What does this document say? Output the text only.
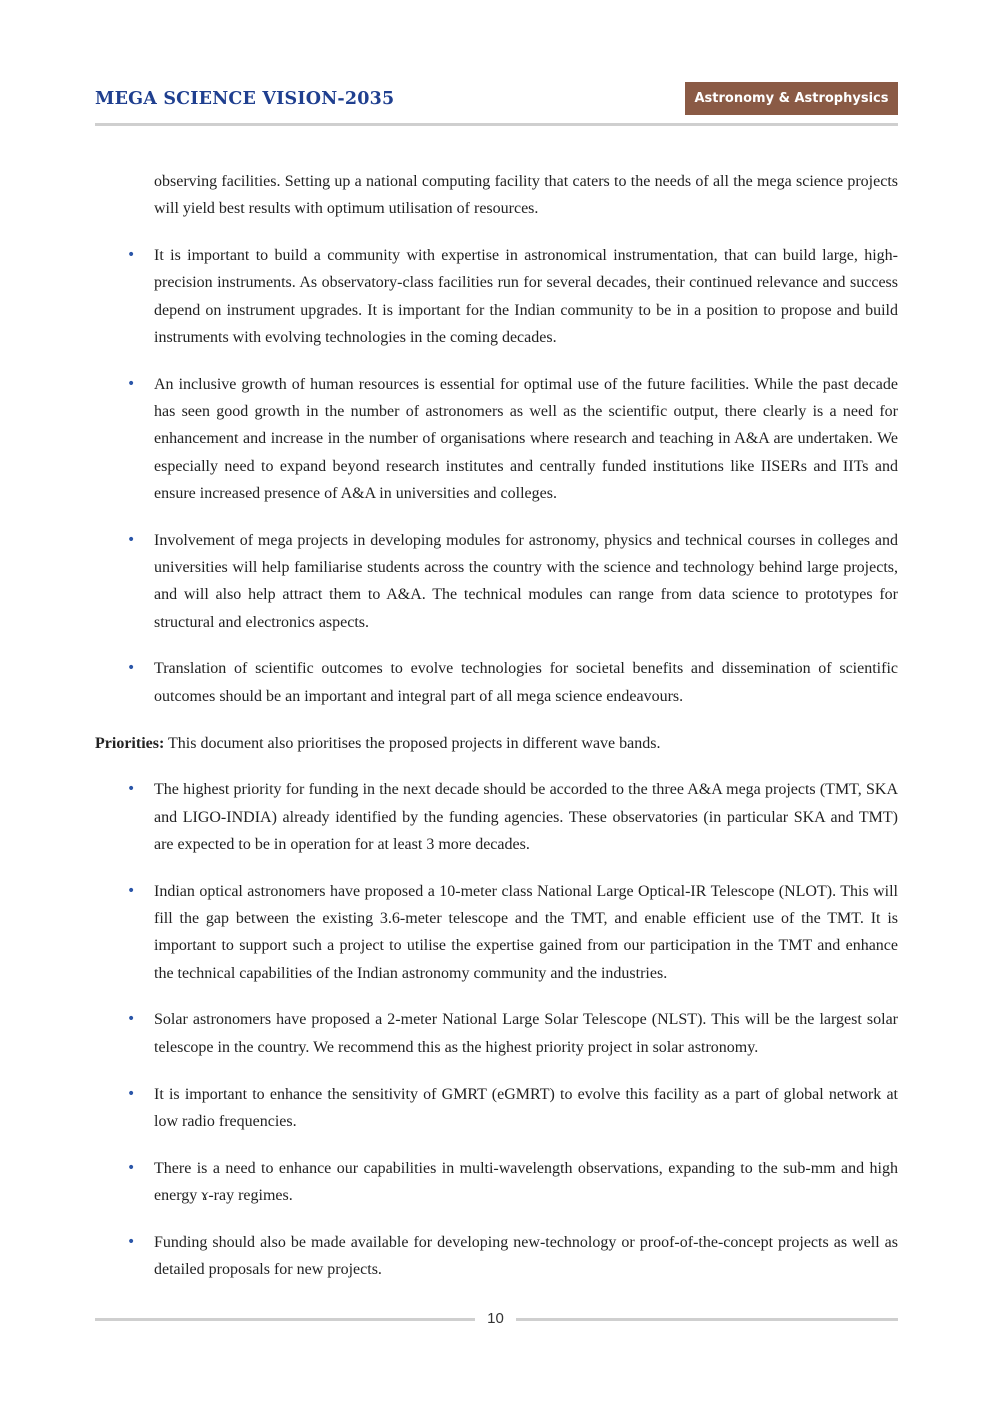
MEGA SCIENCE VISION-2035	Astronomy & Astrophysics
observing facilities. Setting up a national computing facility that caters to the needs of all the mega science projects will yield best results with optimum utilisation of resources.
• It is important to build a community with expertise in astronomical instrumentation, that can build large, high-precision instruments. As observatory-class facilities run for several decades, their continued relevance and success depend on instrument upgrades. It is important for the Indian community to be in a position to propose and build instruments with evolving technologies in the coming decades.
• An inclusive growth of human resources is essential for optimal use of the future facilities. While the past decade has seen good growth in the number of astronomers as well as the scientific output, there clearly is a need for enhancement and increase in the number of organisations where research and teaching in A&A are undertaken. We especially need to expand beyond research institutes and centrally funded institutions like IISERs and IITs and ensure increased presence of A&A in universities and colleges.
• Involvement of mega projects in developing modules for astronomy, physics and technical courses in colleges and universities will help familiarise students across the country with the science and technology behind large projects, and will also help attract them to A&A. The technical modules can range from data science to prototypes for structural and electronics aspects.
• Translation of scientific outcomes to evolve technologies for societal benefits and dissemination of scientific outcomes should be an important and integral part of all mega science endeavours.
Priorities: This document also prioritises the proposed projects in different wave bands.
• The highest priority for funding in the next decade should be accorded to the three A&A mega projects (TMT, SKA and LIGO-INDIA) already identified by the funding agencies. These observatories (in particular SKA and TMT) are expected to be in operation for at least 3 more decades.
• Indian optical astronomers have proposed a 10-meter class National Large Optical-IR Telescope (NLOT). This will fill the gap between the existing 3.6-meter telescope and the TMT, and enable efficient use of the TMT. It is important to support such a project to utilise the expertise gained from our participation in the TMT and enhance the technical capabilities of the Indian astronomy community and the industries.
• Solar astronomers have proposed a 2-meter National Large Solar Telescope (NLST). This will be the largest solar telescope in the country. We recommend this as the highest priority project in solar astronomy.
• It is important to enhance the sensitivity of GMRT (eGMRT) to evolve this facility as a part of global network at low radio frequencies.
• There is a need to enhance our capabilities in multi-wavelength observations, expanding to the sub-mm and high energy ɤ-ray regimes.
• Funding should also be made available for developing new-technology or proof-of-the-concept projects as well as detailed proposals for new projects.
10
